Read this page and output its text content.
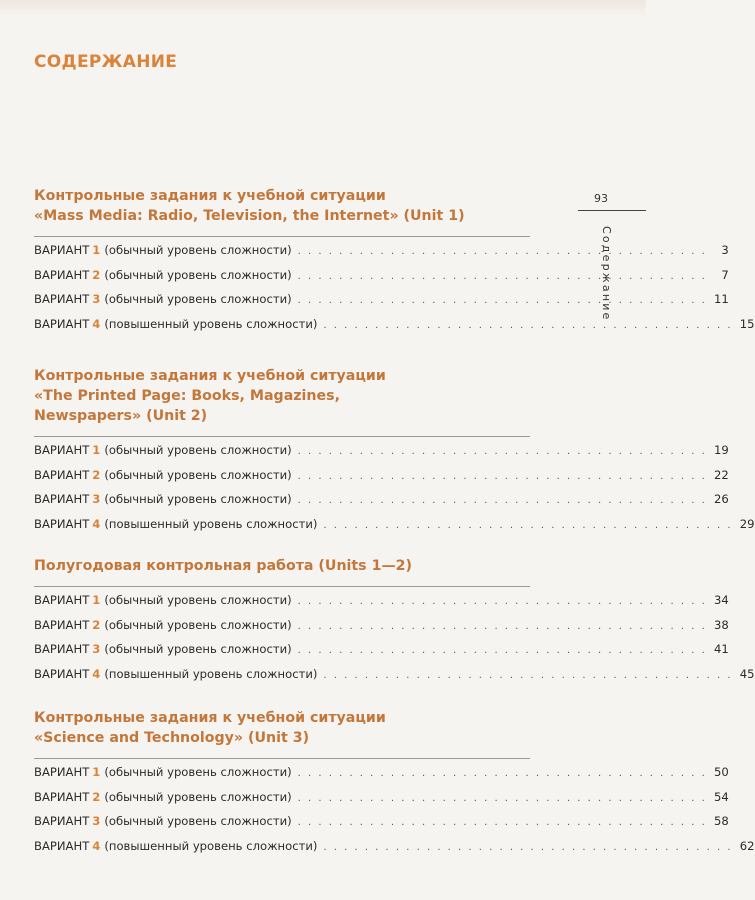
СОДЕРЖАНИЕ
93
Содержание
Контрольные задания к учебной ситуации
«Mass Media: Radio, Television, the Internet» (Unit 1)
ВАРИАНТ 1 (обычный уровень сложности) . . . . . . . . . . . . . . . . . . . . . . . . . . . . . . . . . . . . . . . .	3
ВАРИАНТ 2 (обычный уровень сложности) . . . . . . . . . . . . . . . . . . . . . . . . . . . . . . . . . . . . . . . .	7
ВАРИАНТ 3 (обычный уровень сложности) . . . . . . . . . . . . . . . . . . . . . . . . . . . . . . . . . . . . . . . . 11
ВАРИАНТ 4 (повышенный уровень сложности) . . . . . . . . . . . . . . . . . . . . . . . . . . . . . . . . . . . . . . . . 15
Контрольные задания к учебной ситуации
«The Printed Page: Books, Magazines,
Newspapers» (Unit 2)
ВАРИАНТ 1 (обычный уровень сложности) . . . . . . . . . . . . . . . . . . . . . . . . . . . . . . . . . . . . . . . . 19
ВАРИАНТ 2 (обычный уровень сложности) . . . . . . . . . . . . . . . . . . . . . . . . . . . . . . . . . . . . . . . . 22
ВАРИАНТ 3 (обычный уровень сложности) . . . . . . . . . . . . . . . . . . . . . . . . . . . . . . . . . . . . . . . . 26
ВАРИАНТ 4 (повышенный уровень сложности) . . . . . . . . . . . . . . . . . . . . . . . . . . . . . . . . . . . . . . . . 29
Полугодовая контрольная работа (Units 1—2)
ВАРИАНТ 1 (обычный уровень сложности) . . . . . . . . . . . . . . . . . . . . . . . . . . . . . . . . . . . . . . . . 34
ВАРИАНТ 2 (обычный уровень сложности) . . . . . . . . . . . . . . . . . . . . . . . . . . . . . . . . . . . . . . . . 38
ВАРИАНТ 3 (обычный уровень сложности) . . . . . . . . . . . . . . . . . . . . . . . . . . . . . . . . . . . . . . . . 41
ВАРИАНТ 4 (повышенный уровень сложности) . . . . . . . . . . . . . . . . . . . . . . . . . . . . . . . . . . . . . . . . 45
Контрольные задания к учебной ситуации
«Science and Technology» (Unit 3)
ВАРИАНТ 1 (обычный уровень сложности) . . . . . . . . . . . . . . . . . . . . . . . . . . . . . . . . . . . . . . . . 50
ВАРИАНТ 2 (обычный уровень сложности) . . . . . . . . . . . . . . . . . . . . . . . . . . . . . . . . . . . . . . . . 54
ВАРИАНТ 3 (обычный уровень сложности) . . . . . . . . . . . . . . . . . . . . . . . . . . . . . . . . . . . . . . . . 58
ВАРИАНТ 4 (повышенный уровень сложности) . . . . . . . . . . . . . . . . . . . . . . . . . . . . . . . . . . . . . . . . 62
